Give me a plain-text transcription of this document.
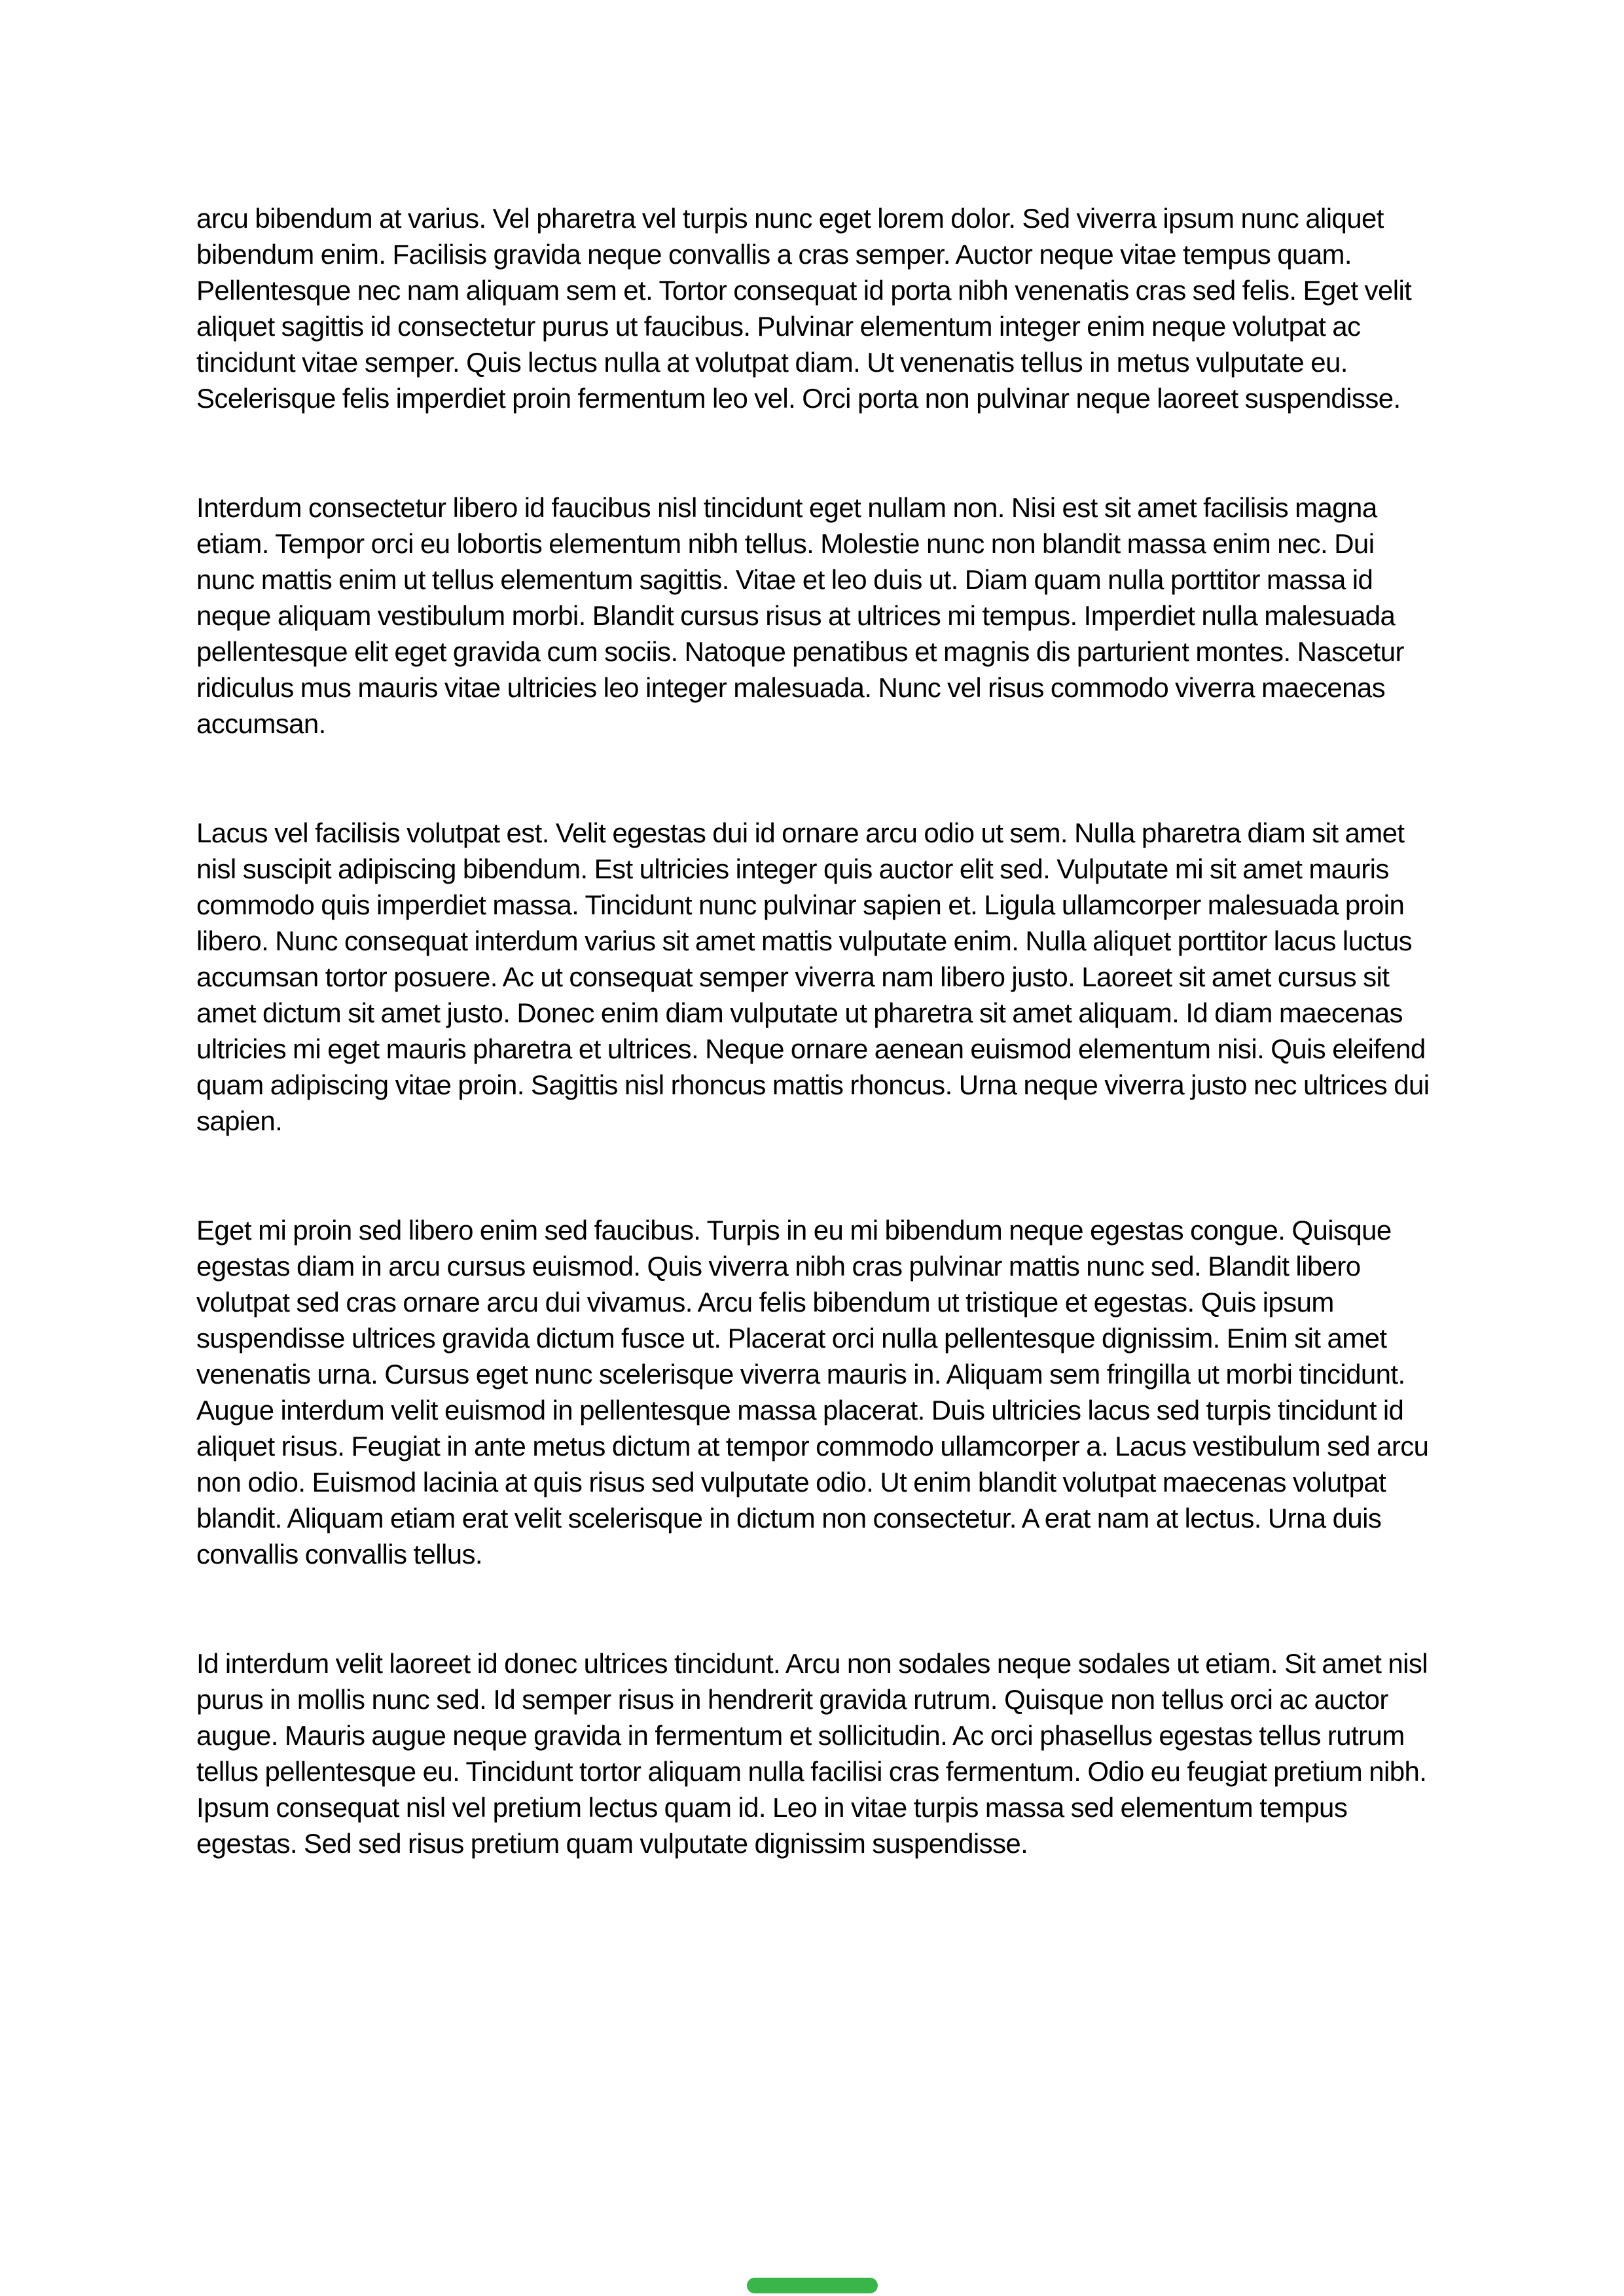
arcu bibendum at varius. Vel pharetra vel turpis nunc eget lorem dolor. Sed viverra ipsum nunc aliquet bibendum enim. Facilisis gravida neque convallis a cras semper. Auctor neque vitae tempus quam. Pellentesque nec nam aliquam sem et. Tortor consequat id porta nibh venenatis cras sed felis. Eget velit aliquet sagittis id consectetur purus ut faucibus. Pulvinar elementum integer enim neque volutpat ac tincidunt vitae semper. Quis lectus nulla at volutpat diam. Ut venenatis tellus in metus vulputate eu. Scelerisque felis imperdiet proin fermentum leo vel. Orci porta non pulvinar neque laoreet suspendisse.

Interdum consectetur libero id faucibus nisl tincidunt eget nullam non. Nisi est sit amet facilisis magna etiam. Tempor orci eu lobortis elementum nibh tellus. Molestie nunc non blandit massa enim nec. Dui nunc mattis enim ut tellus elementum sagittis. Vitae et leo duis ut. Diam quam nulla porttitor massa id neque aliquam vestibulum morbi. Blandit cursus risus at ultrices mi tempus. Imperdiet nulla malesuada pellentesque elit eget gravida cum sociis. Natoque penatibus et magnis dis parturient montes. Nascetur ridiculus mus mauris vitae ultricies leo integer malesuada. Nunc vel risus commodo viverra maecenas accumsan.

Lacus vel facilisis volutpat est. Velit egestas dui id ornare arcu odio ut sem. Nulla pharetra diam sit amet nisl suscipit adipiscing bibendum. Est ultricies integer quis auctor elit sed. Vulputate mi sit amet mauris commodo quis imperdiet massa. Tincidunt nunc pulvinar sapien et. Ligula ullamcorper malesuada proin libero. Nunc consequat interdum varius sit amet mattis vulputate enim. Nulla aliquet porttitor lacus luctus accumsan tortor posuere. Ac ut consequat semper viverra nam libero justo. Laoreet sit amet cursus sit amet dictum sit amet justo. Donec enim diam vulputate ut pharetra sit amet aliquam. Id diam maecenas ultricies mi eget mauris pharetra et ultrices. Neque ornare aenean euismod elementum nisi. Quis eleifend quam adipiscing vitae proin. Sagittis nisl rhoncus mattis rhoncus. Urna neque viverra justo nec ultrices dui sapien.

Eget mi proin sed libero enim sed faucibus. Turpis in eu mi bibendum neque egestas congue. Quisque egestas diam in arcu cursus euismod. Quis viverra nibh cras pulvinar mattis nunc sed. Blandit libero volutpat sed cras ornare arcu dui vivamus. Arcu felis bibendum ut tristique et egestas. Quis ipsum suspendisse ultrices gravida dictum fusce ut. Placerat orci nulla pellentesque dignissim. Enim sit amet venenatis urna. Cursus eget nunc scelerisque viverra mauris in. Aliquam sem fringilla ut morbi tincidunt. Augue interdum velit euismod in pellentesque massa placerat. Duis ultricies lacus sed turpis tincidunt id aliquet risus. Feugiat in ante metus dictum at tempor commodo ullamcorper a. Lacus vestibulum sed arcu non odio. Euismod lacinia at quis risus sed vulputate odio. Ut enim blandit volutpat maecenas volutpat blandit. Aliquam etiam erat velit scelerisque in dictum non consectetur. A erat nam at lectus. Urna duis convallis convallis tellus.

Id interdum velit laoreet id donec ultrices tincidunt. Arcu non sodales neque sodales ut etiam. Sit amet nisl purus in mollis nunc sed. Id semper risus in hendrerit gravida rutrum. Quisque non tellus orci ac auctor augue. Mauris augue neque gravida in fermentum et sollicitudin. Ac orci phasellus egestas tellus rutrum tellus pellentesque eu. Tincidunt tortor aliquam nulla facilisi cras fermentum. Odio eu feugiat pretium nibh. Ipsum consequat nisl vel pretium lectus quam id. Leo in vitae turpis massa sed elementum tempus egestas. Sed sed risus pretium quam vulputate dignissim suspendisse.
